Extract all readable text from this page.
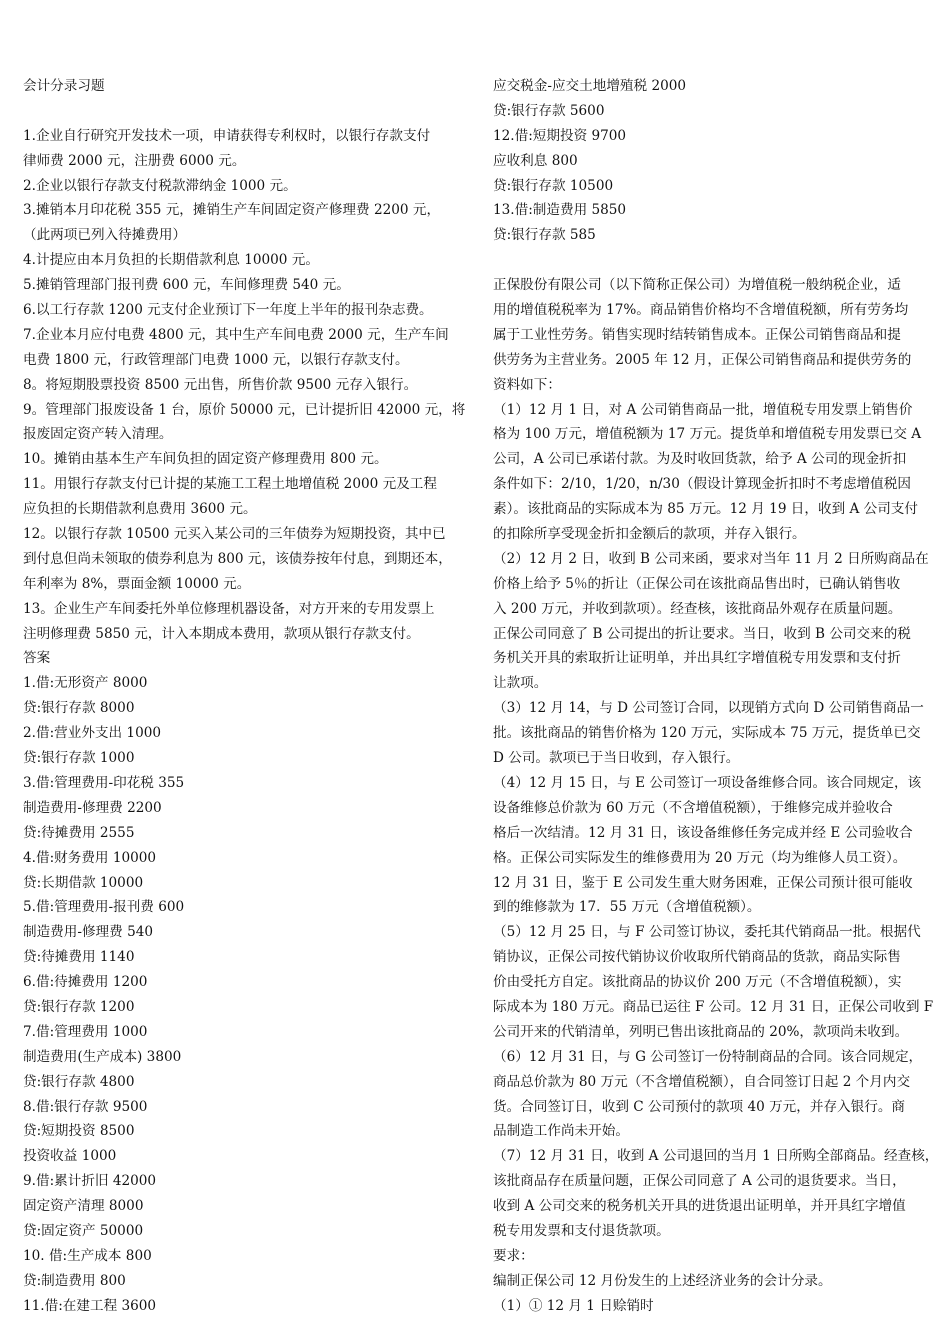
会计分录习题
1.企业自行研究开发技术一项，申请获得专利权时，以银行存款支付
律师费 2000 元，注册费 6000 元。
2.企业以银行存款支付税款滞纳金 1000 元。
3.摊销本月印花税 355 元，摊销生产车间固定资产修理费 2200 元，
（此两项已列入待摊费用）
4.计提应由本月负担的长期借款利息 10000 元。
5.摊销管理部门报刊费 600 元，车间修理费 540 元。
6.以工行存款 1200 元支付企业预订下一年度上半年的报刊杂志费。
7.企业本月应付电费 4800 元，其中生产车间电费 2000 元，生产车间
电费 1800 元，行政管理部门电费 1000 元，以银行存款支付。
8。将短期股票投资 8500 元出售，所售价款 9500 元存入银行。
9。管理部门报废设备 1 台，原价 50000 元，已计提折旧 42000 元，将
报废固定资产转入清理。
10。摊销由基本生产车间负担的固定资产修理费用 800 元。
11。用银行存款支付已计提的某施工工程土地增值税 2000 元及工程
应负担的长期借款利息费用 3600 元。
12。以银行存款 10500 元买入某公司的三年债券为短期投资，其中已
到付息但尚未领取的债券利息为 800 元，该债券按年付息，到期还本，
年利率为 8%，票面金额 10000 元。
13。企业生产车间委托外单位修理机器设备，对方开来的专用发票上
注明修理费 5850 元，计入本期成本费用，款项从银行存款支付。
答案
1.借:无形资产 8000
贷:银行存款 8000
2.借:营业外支出 1000
贷:银行存款 1000
3.借:管理费用-印花税 355
制造费用-修理费 2200
贷:待摊费用 2555
4.借:财务费用 10000
贷:长期借款 10000
5.借:管理费用-报刊费 600
制造费用-修理费 540
贷:待摊费用 1140
6.借:待摊费用 1200
贷:银行存款 1200
7.借:管理费用 1000
制造费用(生产成本) 3800
贷:银行存款 4800
8.借:银行存款 9500
贷:短期投资 8500
投资收益 1000
9.借:累计折旧 42000
固定资产清理 8000
贷:固定资产 50000
10. 借:生产成本 800
贷:制造费用 800
11.借:在建工程 3600
应交税金-应交土地增殖税 2000
贷:银行存款 5600
12.借:短期投资 9700
应收利息 800
贷:银行存款 10500
13.借:制造费用 5850
贷:银行存款 585
正保股份有限公司（以下简称正保公司）为增值税一般纳税企业，适
用的增值税税率为 17%。商品销售价格均不含增值税额，所有劳务均
属于工业性劳务。销售实现时结转销售成本。正保公司销售商品和提
供劳务为主营业务。2005 年 12 月，正保公司销售商品和提供劳务的
资料如下：
（1）12 月 1 日，对 A 公司销售商品一批，增值税专用发票上销售价
格为 100 万元，增值税额为 17 万元。提货单和增值税专用发票已交 A
公司，A 公司已承诺付款。为及时收回货款，给予 A 公司的现金折扣
条件如下：2/10，1/20，n/30（假设计算现金折扣时不考虑增值税因
素）。该批商品的实际成本为 85 万元。12 月 19 日，收到 A 公司支付
的扣除所享受现金折扣金额后的款项，并存入银行。
（2）12 月 2 日，收到 B 公司来函，要求对当年 11 月 2 日所购商品在
价格上给予 5％的折让（正保公司在该批商品售出时，已确认销售收
入 200 万元，并收到款项）。经查核，该批商品外观存在质量问题。
正保公司同意了 B 公司提出的折让要求。当日，收到 B 公司交来的税
务机关开具的索取折让证明单，并出具红字增值税专用发票和支付折
让款项。
（3）12 月 14，与 D 公司签订合同，以现销方式向 D 公司销售商品一
批。该批商品的销售价格为 120 万元，实际成本 75 万元，提货单已交
D 公司。款项已于当日收到，存入银行。
（4）12 月 15 日，与 E 公司签订一项设备维修合同。该合同规定，该
设备维修总价款为 60 万元（不含增值税额），于维修完成并验收合
格后一次结清。12 月 31 日，该设备维修任务完成并经 E 公司验收合
格。正保公司实际发生的维修费用为 20 万元（均为维修人员工资）。
12 月 31 日，鉴于 E 公司发生重大财务困难，正保公司预计很可能收
到的维修款为 17．55 万元（含增值税额）。
（5）12 月 25 日，与 F 公司签订协议，委托其代销商品一批。根据代
销协议，正保公司按代销协议价收取所代销商品的货款，商品实际售
价由受托方自定。该批商品的协议价 200 万元（不含增值税额），实
际成本为 180 万元。商品已运往 F 公司。12 月 31 日，正保公司收到 F
公司开来的代销清单，列明已售出该批商品的 20%，款项尚未收到。
（6）12 月 31 日，与 G 公司签订一份特制商品的合同。该合同规定，
商品总价款为 80 万元（不含增值税额），自合同签订日起 2 个月内交
货。合同签订日，收到 C 公司预付的款项 40 万元，并存入银行。商
品制造工作尚未开始。
（7）12 月 31 日，收到 A 公司退回的当月 1 日所购全部商品。经查核，
该批商品存在质量问题，正保公司同意了 A 公司的退货要求。当日，
收到 A 公司交来的税务机关开具的进货退出证明单，并开具红字增值
税专用发票和支付退货款项。
要求：
编制正保公司 12 月份发生的上述经济业务的会计分录。
（1）① 12 月 1 日赊销时
